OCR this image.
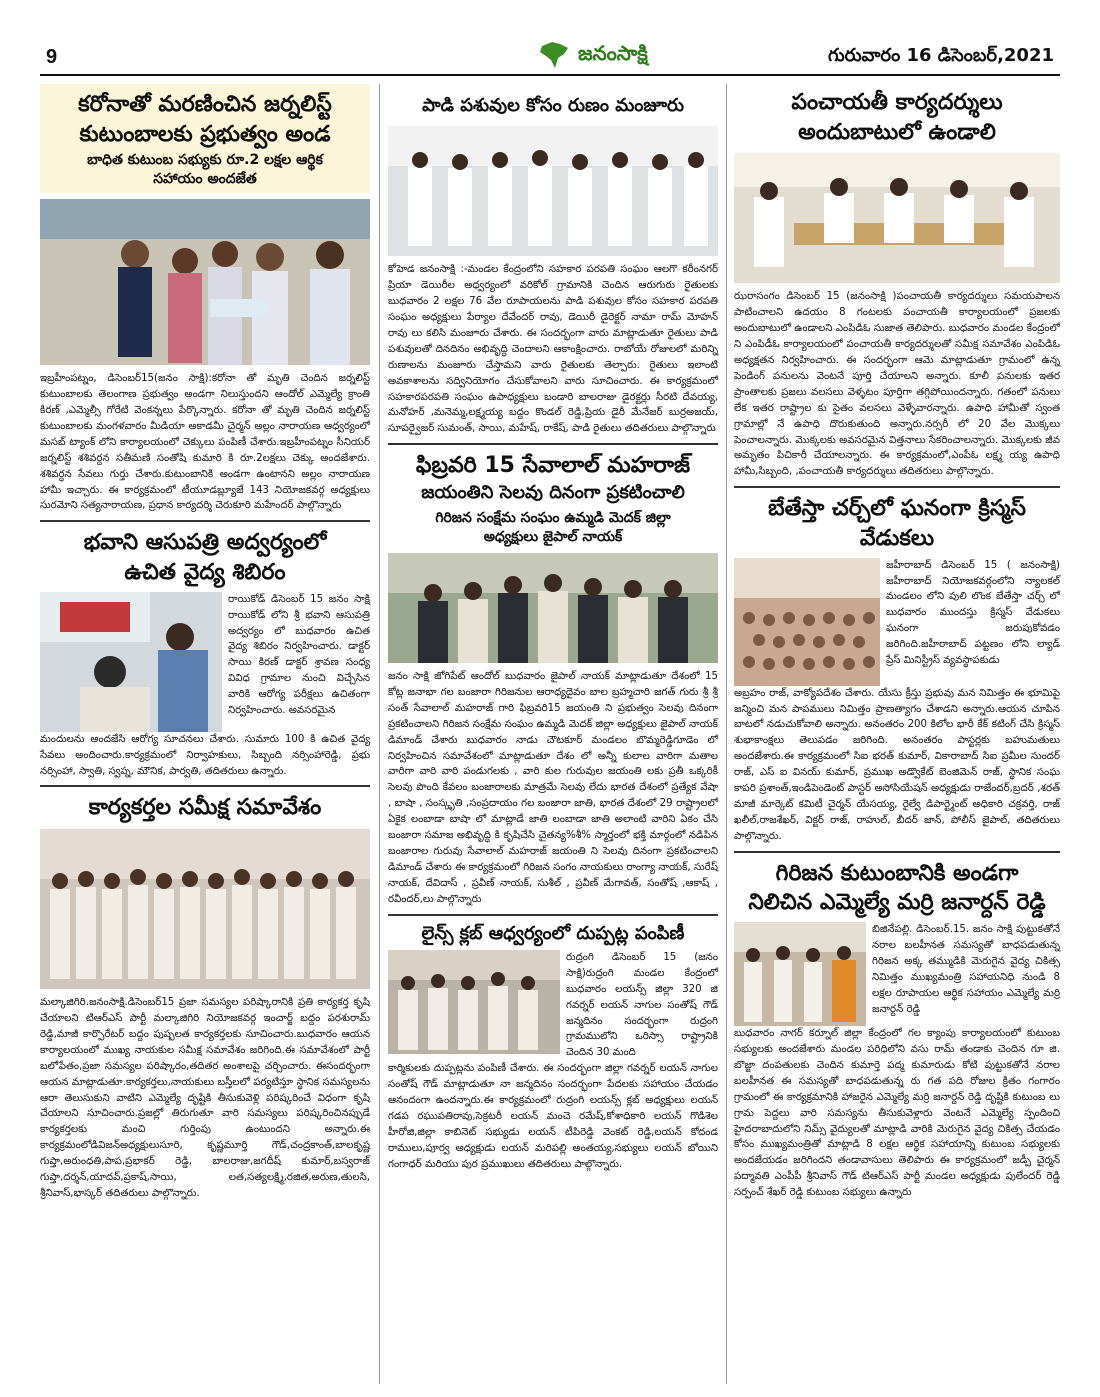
9	జనంసాక్షి	గురువారం 16 డిసెంబర్,2021
కరోనాతో మరణించిన జర్నలిస్ట్
కుటుంబాలకు ప్రభుత్వం అండ
బాధిత కుటుంబ సభ్యుకు రూ.2 లక్షల ఆర్థిక
సహాయం అందజేత
ఇబ్రహీంపట్నం, డిసెంబర్15(జనం సాక్షి):కరోనా తో మృతి చెందిన జర్నలిస్ట్ కుటుంబాలకు తెలంగాణ ప్రభుత్వం అండగా నిలుస్తుందని ఆందోల్ ఎమ్మెల్యే క్రాంతి కిరణ్ ,ఎమ్మెల్సీ గోరేటి వెంకన్నలు పేర్కొన్నారు. కరోనా తో మృతి చెందిన జర్నలిస్ట్ కుటుంబాలకు మంగళవారం మీడియా అకాడమీ చైర్మన్ అల్లం నారాయణ ఆధ్వర్యంలో మసబ్ ట్యాంక్ లోని కార్యాలయంలో చెక్కులు పంపిణీ చేశారు.ఇబ్రహీంపట్నం సీనియర్ జర్నలిస్ట్ శశివర్దన సతీమణి సంతోషి కుమారి కి రూ.2లక్షలు చెక్కు అందజేశారు. శశివర్ధన సేవలు గుర్తు చేశారు.కుటుంబానికి అండగా ఉంటానని అల్లం నారాయణ హామీ ఇచ్చారు. ఈ కార్యక్రమంలో టీయూడబ్ల్యూజే 143 నియోజకవర్గ అధ్యక్షులు సురమోని సత్యనారాయణ, ప్రధాన కార్యదర్శి చెరుకూరి మహేందర్ పాల్గొన్నారు
భవాని ఆసుపత్రి అద్వర్యంలో
ఉచిత వైద్య శిబిరం
రాయికోడ్ డిసెంబర్ 15 జనం సాక్షి రాయికోడ్ లోని శ్రీ భవాని ఆసుపత్రి అద్వర్యం లో బుధవారం ఉచిత వైద్య శిబిరం నిర్వహించారు. డాక్టర్ సాయి కిరణ్ డాక్టర్ శ్రావణ సంధ్య వివిధ గ్రామాల నుంచి విచ్చేసిన వారికి ఆరోగ్య పరీక్షలు ఉచితంగా నిర్వహించారు. అవసరమైన
మందులను అందజేసి ఆరోగ్య సూచనలు చేశారు. సుమారు 100 కి ఉచిత వైద్య సేవలు అందించారు.కార్యక్రమంలో నిర్వాహకులు, సిబ్బంది నర్సింహారెడ్డి, ప్రభు నర్సింహా, స్వాతి, స్వప్న, మౌనిక, పార్వతి, తదితరులు ఉన్నారు.
కార్యకర్తల సమీక్ష సమావేశం
మల్కాజిగిరి.జనంసాక్షి.డిసెంబర్15 ప్రజా సమస్యల పరిష్కారానికి ప్రతి కార్యకర్త కృషి చేయాలని టిఆర్ఎస్ పార్టీ మల్కాజిగిరి నియోజకవర్గ ఇంచార్జ్ బద్దం పరశురామ్ రెడ్డి,మాజీ కార్పొరేటర్ బద్దం పుష్పలత కార్యకర్తలకు సూచించారు.బుధవారం ఆయన కార్యాలయంలో ముఖ్య నాయకుల సమీక్ష సమావేశం జరిగింది.ఈ సమావేశంలో పార్టీ బలోపేతం,ప్రజా సమస్యల పరిష్కారం,తదితర అంశాలపై చర్చించారు. ఈసందర్భంగా ఆయన మాట్లాడుతూ.కార్యకర్తలు,నాయకులు బస్తీలలో పర్యటిస్తూ స్థానిక సమస్యలను ఆరా తెలుసుకుని వాటిని ఎమ్మెల్యే దృష్టికి తీసుకువెళ్లి పరిష్కరించే విధంగా కృషి చేయాలని సూచించారు.ప్రజల్లో తిరుగుతూ వారి సమస్యలు పరిష్కరించినప్పుడే కార్యకర్తలకు మంచి గుర్తింపు ఉంటుందని అన్నారు.ఈ కార్యక్రమంలోడివిజన్అధ్యక్షులుసూరి, కృష్ణమూర్తి గౌడ్,చంద్రకాంత్,బాలకృష్ణ గుప్తా,అరుంధతి,పాప,ప్రభాకర్ రెడ్డి, బాలరాజు,జగదీష్ కుమార్,బస్వరాజ్ గుప్తా,దర్శన్,యాదవ్,ప్రకాష్,సాయి, లత,సత్యలక్ష్మి,రజిత,అరుణ,తులసి, శ్రీనివాస్,భాస్కర్ తదితరులు పాల్గొన్నారు.
పాడి పశువుల కోసం రుణం మంజూరు
కోహెడ జనంసాక్షి :-మండల కేంద్రంలోని సహకార పరపతి సంఘం ఆలగొ కరీంనగర్ ప్రియా డెయిరీల అధ్వర్యంలో వరికోల్ గ్రామానికి చెందిన ఆరుగురు రైతులకు బుధవారం 2 లక్షల 76 వేల రూపాయలను పాడి పశువుల కోసం సహకార పరపతి సంఘం అధ్యక్షులు పేర్యాల దేవేందర్ రావు, డెయిరీ డైరెక్టర్ నామా రామ్ మోహన్ రావు లు కలిసి మంజూరు చేశారు. ఈ సందర్భంగా వారు మాట్లాడుతూ రైతులు పాడి పశువులతో దినదినం అభివృద్ధి చెందాలని ఆకాంక్షించారు. రాబోయే రోజులలో మరిన్ని రుణాలను మంజూరు చేస్తామని వారు రైతులకు తెల్పారు. రైతులు ఇలాంటి అవకాశాలను సద్వినియోగం చేసుకోవాలని వారు సూచించారు. ఈ కార్యక్రమంలో సహకారపరపతి సంఘం ఉపాధ్యక్షులు బండారి బాలరాజు డైరక్టర్లు సీరటి దేవయ్య, మనోహర్ ,మనెమ్మ,లక్ష్మయ్య బద్దం కొండల్ రెడ్డి,ప్రియ డైరీ మేనేజర్ బుర్రఅజయ్, సూపర్వైజర్ సుమంత్, సాయి, మహేష్, రాకేష్, పాడి రైతులు తదితరులు పాల్గొన్నారు
ఫిబ్రవరి 15 సేవాలాల్ మహరాజ్
జయంతిని సెలవు దినంగా ప్రకటించాలి
గిరిజన సంక్షేమ సంఘం ఉమ్మడి మెదక్ జిల్లా
అధ్యక్షులు జైపాల్ నాయక్
జనం సాక్షి జోగిపేట్ ఆందోల్ బుధవారం జైపాల్ నాయక్ మాట్లాడుతూ దేశంలో 15 కోట్ల జనాభా గల బంజారా గిరిజనుల ఆరాధ్యదైవం బాల బ్రహ్మచారి జగత్ గురు శ్రీ శ్రీ సంత్ సేవాలాల్ మహరాజ్ గారి ఫిబ్రవరి15 జయంతి ని ప్రభుత్వం సెలవు దినంగా ప్రకటించాలని గిరిజన సంక్షేమ సంఘం ఉమ్మడి మెదక్ జిల్లా అధ్యక్షులు జైపాల్ నాయక్ డిమాండ్ చేశారు బుధవారం నాడు చౌటకూర్ మండలం బొమ్మరెడ్డిగూడెం లో నిర్వహించిన సమావేశంలో మాట్లాడుతూ దేశం లో అన్నీ కులాల వారిగా మతాల వారిగా వారి వారి పండుగలకు , వారి కుల గురువుల జయంతి లకు ప్రతీ ఒక్కరికీ సెలవు పొంది కేవలం బంజారాలకు మాత్రమే సెలవు లేదు భారత దేశంలో ప్రత్యేక వేషా , బాషా , సంస్కృతి ,సంప్రదాయం గల బంజారా జాతి, భారత దేశంలో 29 రాష్ట్రాలలో ఏకైక లంబాడా బాషా లో మాట్లాడే జాతి లంబాడా జాతి అలాంటి వారిని ఏకం చేసి బంజారా సమాజ అభివృద్ధి కి కృషిచేసి చైతన్య%శీ% స్మార్తంలో భక్తి మార్గంలో నడిపిన బంజారాల గురువు సేవాలాల్ మహరాజ్ జయంతి ని సెలవు దినంగా ప్రకటించాలని డిమాండ్ చేశారు ఈ కార్యక్రమంలో గిరిజన సంగం నాయకులు రాంగ్యా నాయక్, సురేష్ నాయక్, దేవిదాస్ , ప్రవీణ్ నాయక్, సుశీల్ , ప్రవీణ్ మేగావత్, సంతోష్ ,ఆకాష్ , రవీందర్,లు పాల్గొన్నారు
లైన్స్ క్లబ్ ఆధ్వర్యంలో దుప్పట్ల పంపిణీ
రుద్రంగి డిసెంబర్ 15 (జనం సాక్షి)రుద్రంగి మండల కేంద్రంలో బుధవారం లయన్స్ జిల్లా 320 జి గవర్నర్ లయన్ నాగుల సంతోష్ గౌడ్ జన్మదినం సందర్భంగా రుద్రంగి గ్రామములోని ఒరిస్సా రాష్ట్రానికి చెందిన 30 మంది
కార్మికులకు దుప్పట్లను పంపిణీ చేశారు. ఈ సందర్భంగా జిల్లా గవర్నర్ లయన్ నాగుల సంతోష్ గౌడ్ మాట్లాడుతూ నా జన్మదినం సందర్భంగా పేదలకు సహాయం చేయడం ఆనందంగా ఉందన్నారు.ఈ కార్యక్రమంలో రుద్రంగి లయన్స్ క్లబ్ అధ్యక్షులు లయన్ గడప రఘుపతిరావు,సెక్రటరీ లయన్ మంచె రమేష్,కోశాధికారి లయన్ గొడిశెల హీరోజి,జిల్లా కాబినెట్ సభ్యుడు లయన్ టీపిరెడ్డి వెంకట్ రెడ్డి,లయన్ కోదండ రాములు,పూర్వ అధ్యక్షుడు లయన్ మరిపల్లి అంతయ్య,సభ్యులు లయన్ బోయిని గంగాధర్ మరియు పుర ప్రముఖులు తదితరులు పాల్గొన్నారు.
పంచాయతీ కార్యదర్శులు
అందుబాటులో ఉండాలి
ఝరాసంగం డిసెంబర్ 15 (జనంసాక్షి )పంచాయతీ కార్యదర్శులు సమయపాలన పాటించాలని ఉదయం 8 గంటలకు పంచాయతీ కార్యాలయంలో ప్రజలకు అందుబాటులో ఉండాలని ఎంపిడిఓ సుజాత తెలిపారు. బుధవారం మండల కేంద్రంలో ని ఎంపిడీఓ కార్యాలయంలో పంచాయతీ కార్యదర్శులతో సమీక్ష సమావేశం ఎంపిడిఓ అధ్యక్షతన నిర్వహించారు. ఈ సందర్భంగా ఆమె మాట్లాడుతూ గ్రామంలో ఉన్న పెండింగ్ పనులను వెంటనే పూర్తి చేయాలని అన్నారు. కూలీ పనులకు ఇతర ప్రాంతాలకు ప్రజలు వలసలు వెళ్ళటం పూర్తిగా తగ్గిపోయిందన్నారు. గతంలో పనులు లేక ఇతర రాష్ట్రాల కు సైతం వలసలు వెళ్ళేవారన్నారు. ఉపాధి హామీతో స్వంత గ్రామాల్లో నే ఉపాధి దొరుకుతుంది అన్నారు.నర్సరీ లో 20 వేల మొక్కలు పెంచాలన్నారు. మొక్కలకు అవసరమైన విత్తనాలు సేకరించాలన్నారు. మొక్కలకు జీవ అమృతం పిచికారీ చేయాలన్నారు. ఈ కార్యక్రమంలో,ఎంపీఓ లక్ష్మ య్య ఉపాధి హామీ,సిబ్బంది, ,పంచాయతీ కార్యదర్శులు తదితరులు పాల్గొన్నారు.
బేతేస్తా చర్చ్‌లో ఘనంగా క్రిస్మస్
వేడుకలు
జహీరాబాద్ డిసెంబర్ 15 ( జనంసాక్షి) జహీరాబాద్ నియోజకవర్గంలోని న్యాలకల్ మండలం లోని పులి లొంక బేతేస్తా చర్చ్ లో బుధవారం ముందస్తు క్రిస్మస్ వేడుకలు ఘనంగా జరుపుకోవడం జరిగింది.జహీరాబాద్ పట్టణం లోని ల్యాడ్ ప్రేస్ మినిస్ట్రీస్ వ్యవస్థాపకుడు
అబ్రహం రాజ్, వాక్యోపదేశం చేశారు. యేసు క్రీస్తు ప్రభువు మన నిమిత్తం ఈ భూమిపై జన్మించి మన పాపములు నిమిత్తం ప్రాణత్యాగం చేశాడని అన్నారు.ఆయన చూపిన బాటలో నడుచుకోవాలి అన్నారు. అనంతరం 200 కిలోల భారీ కేక్ కటింగ్ చేసి క్రిస్మస్ శుభాకాంక్షలు తెలుపడం జరిగింది. అనంతరం పాస్టర్లకు బహుమతులు అందజేశారు.ఈ కార్యక్రమంలో సిఐ భరత్ కుమార్, వికారాబాద్ సిఐ ప్రమీల సుందర్ రాజ్, ఎస్ ఐ వినయ్ కుమార్, ప్రముఖ అడ్వొకేట్ బెంజిమెన్ రాజ్, స్థానిక సంఘ కాపరి ప్రశాంత్,ఇండిపెండెంట్ పాస్టర్ అసోసియేషన్ అధ్యక్షుడు రాజేందర్,బ్రదర్ ,శరత్ మాజీ మార్కెట్ కమిటీ చైర్మన్ యేసయ్య, రైల్వే డిపార్ట్మెంట్ అధికారి చక్రవర్తి, రాజ్ ఖలీల్,రాజశేఖర్, విక్టర్ రాజ్, రాహుల్, బీదర్ జాన్, పోలీస్ జైపాల్, తదితరులు పాల్గొన్నారు.
గిరిజన కుటుంబానికి అండగా
నిలిచిన ఎమ్మెల్యే మర్రి జనార్దన్ రెడ్డి
బిజినేపల్లి. డిసెంబర్.15. జనం సాక్షి పుట్టుకతోనే నరాల బలహీనత సమస్యతో బాధపడుతున్న గిరిజన అక్క తమ్ముడికి మెరుగైన వైద్య చికిత్స నిమిత్తం ముఖ్యమంత్రి సహాయనిధి నుండి 8 లక్షల రూపాయల ఆర్థిక సహాయం ఎమ్మెల్యే మర్రి జనార్దన్ రెడ్డి
బుధవారం నాగర్ కర్నూల్ జిల్లా కేంద్రంలో గల క్యాంపు కార్యాలయంలో కుటుంబ సభ్యులకు అందజేశారు మండల పరిధిలోని వసు రామ్ తండాకు చెందిన గూ జి. బొజ్జా దంపతులకు చెందిన కుమార్తె పద్మ కుమారుడు కోటి పుట్టుకతోనే నరాల బలహీనత ఈ సమస్యతో బాధపడుతున్న రు గత పది రోజుల క్రితం గంగారం గ్రామంలో ఈ కార్యక్రమానికి హాజరైన ఎమ్మెల్యే మర్రి జనార్దన్ రెడ్డి దృష్టికి కుటుంబ లు గ్రామ పెద్దలు వారి సమస్యను తీసుకువెళ్లారు వెంటనే ఎమ్మెల్యే స్పందించి హైదరాబాదులోని నిమ్స్ వైద్యులతో మాట్లాడి వారికి మెరుగైన వైద్య చికిత్స చేయడం కోసం ముఖ్యమంత్రితో మాట్లాడి 8 లక్షల ఆర్థిక సహాయాన్ని కుటుంబ సభ్యులకు అందజేయడం జరిగిందని తండావాసులు తెలిపారు ఈ కార్యక్రమంలో జడ్పీ చైర్మన్ పద్మావతి ఎంపీపీ శ్రీనివాస్ గౌడ్ టిఆర్ఎస్ పార్టీ మండల అధ్యక్షుడు పులేందర్ రెడ్డి సర్పంచ్ శేఖర్ రెడ్డి కుటుంబ సభ్యులు ఉన్నారు
